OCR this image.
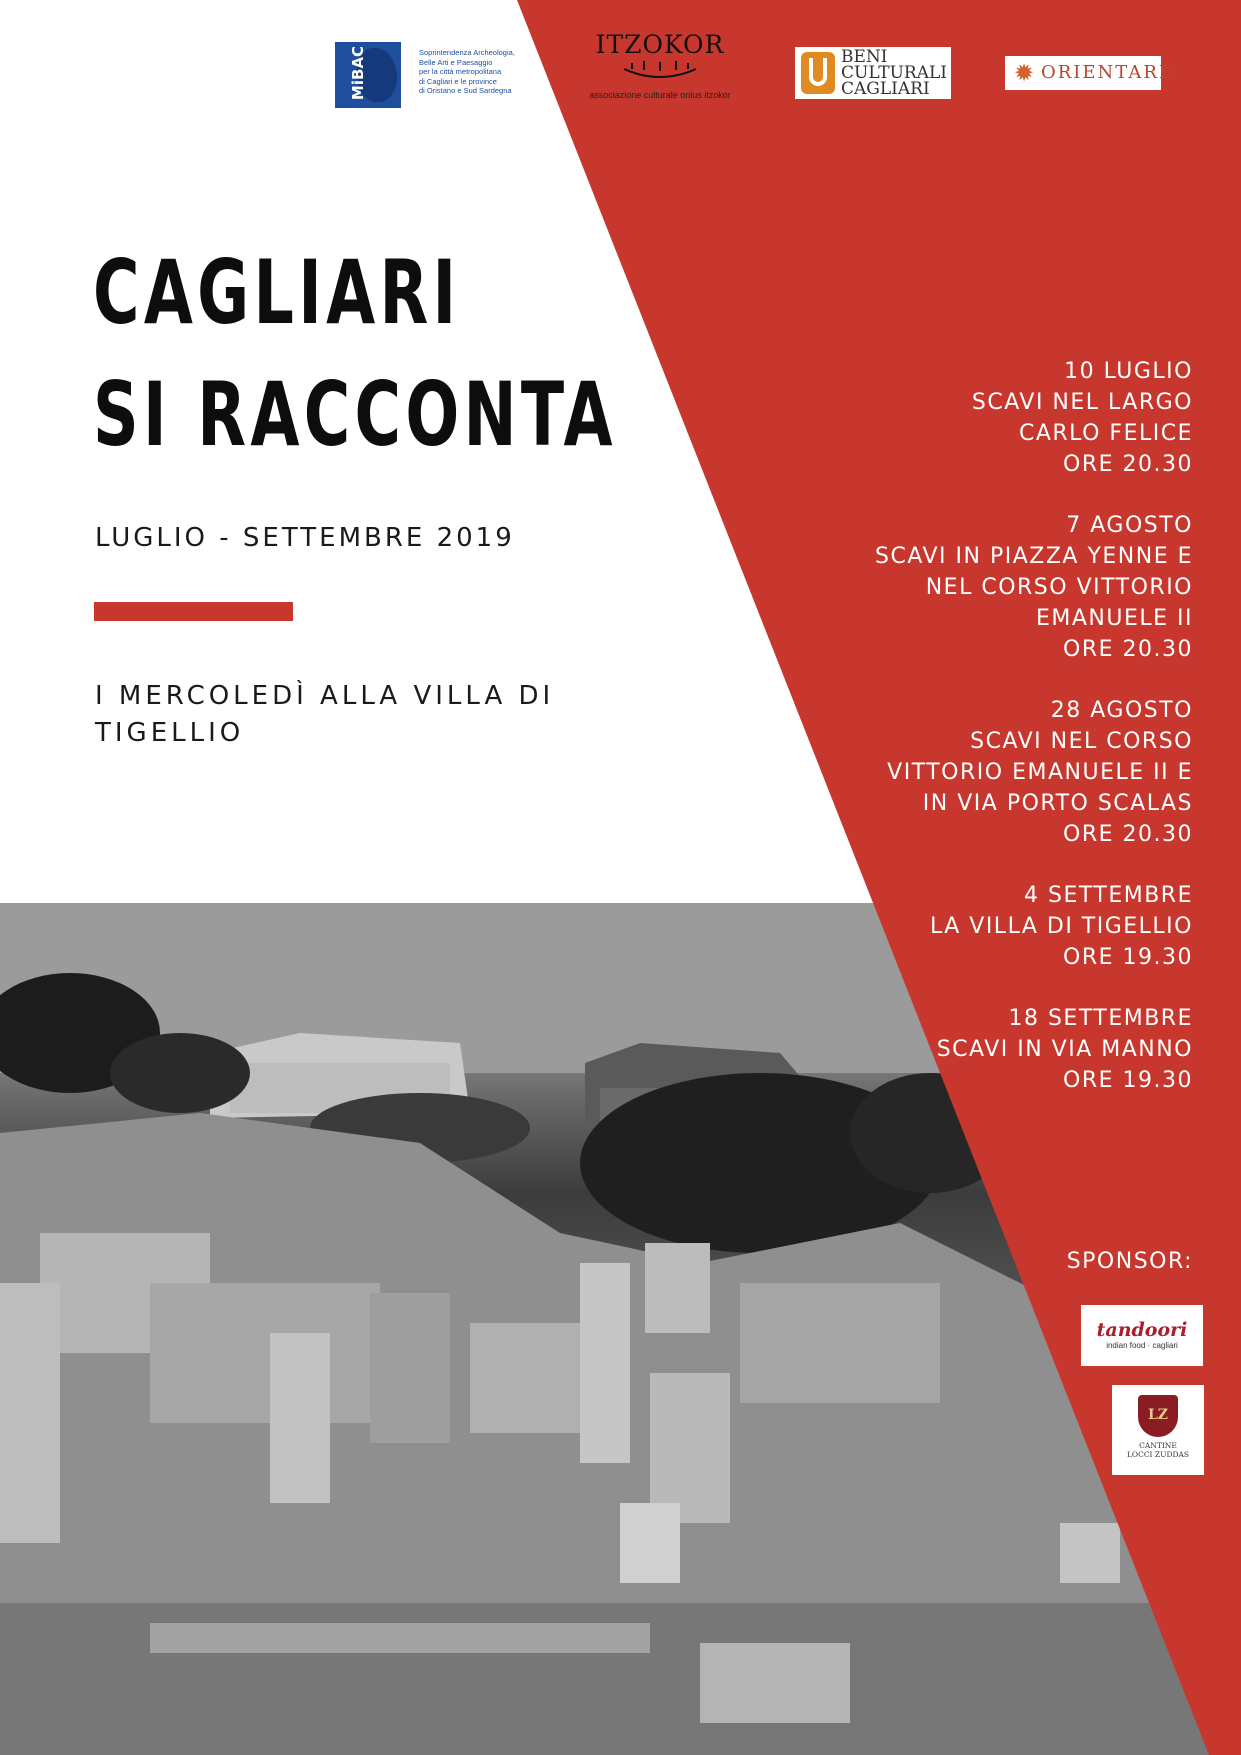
MiBAC	Soprintendenza Archeologia,
Belle Arti e Paesaggio
per la città metropolitana
di Cagliari e le province
di Oristano e Sud Sardegna
ITZOKOR
associazione culturale onlus itzokor
BENI
CULTURALI
CAGLIARI
✹ ORIENTARE
CAGLIARI
SI RACCONTA
LUGLIO - SETTEMBRE 2019
I MERCOLEDÌ ALLA VILLA DI TIGELLIO
10 LUGLIO
SCAVI NEL LARGO
CARLO FELICE
ORE 20.30
7 AGOSTO
SCAVI IN PIAZZA YENNE E
NEL CORSO VITTORIO
EMANUELE II
ORE 20.30
28 AGOSTO
SCAVI NEL CORSO
VITTORIO EMANUELE II E
IN VIA PORTO SCALAS
ORE 20.30
4 SETTEMBRE
LA VILLA DI TIGELLIO
ORE 19.30
18 SETTEMBRE
SCAVI IN VIA MANNO
ORE 19.30
SPONSOR:
tandoori
indian food · cagliari
LZ
CANTINE
LOCCI ZUDDAS
